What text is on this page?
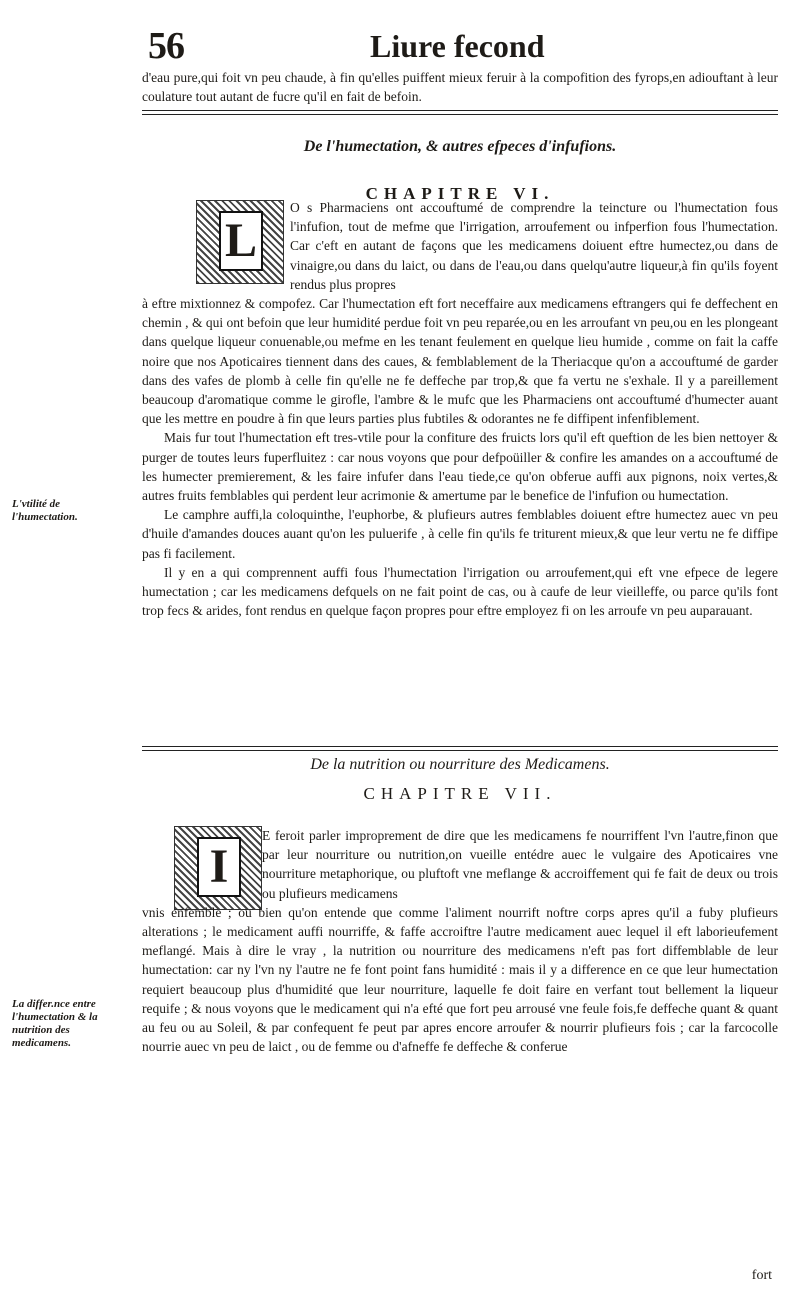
56	Liure fecond
d'eau pure,qui foit vn peu chaude, à fin qu'elles puiffent mieux feruir à la compofition des fyrops,en adiouftant à leur coulature tout autant de fucre qu'il en fait de befoin.
De l'humectation, & autres efpeces d'infufions.
CHAPITRE VI.
L

O s Pharmaciens ont accouftumé de comprendre la teincture ou l'humectation fous l'infufion, tout de mefme que l'irrigation, arroufement ou infperfion fous l'humectation. Car c'eft en autant de façons que les medicamens doiuent eftre humectez,ou dans de vinaigre,ou dans du laict, ou dans de l'eau,ou dans quelqu'autre liqueur,à fin qu'ils foyent rendus plus propres

à eftre mixtionnez & compofez. Car l'humectation eft fort neceffaire aux medicamens eftrangers qui fe deffechent en chemin , & qui ont befoin que leur humidité perdue foit vn peu reparée,ou en les arroufant vn peu,ou en les plongeant dans quelque liqueur conuenable,ou mefme en les tenant feulement en quelque lieu humide , comme on fait la caffe noire que nos Apoticaires tiennent dans des caues, & femblablement de la Theriacque qu'on a accouftumé de garder dans des vafes de plomb à celle fin qu'elle ne fe deffeche par trop,& que fa vertu ne s'exhale. Il y a pareillement beaucoup d'aromatique comme le girofle, l'ambre & le mufc que les Pharmaciens ont accouftumé d'humecter auant que les mettre en poudre à fin que leurs parties plus fubtiles & odorantes ne fe diffipent infenfiblement.

Mais fur tout l'humectation eft tres-vtile pour la confiture des fruicts lors qu'il eft queftion de les bien nettoyer & purger de toutes leurs fuperfluitez : car nous voyons que pour defpoüiller & confire les amandes on a accouftumé de les humecter premierement, & les faire infufer dans l'eau tiede,ce qu'on obferue auffi aux pignons, noix vertes,& autres fruits femblables qui perdent leur acrimonie & amertume par le benefice de l'infufion ou humectation.

Le camphre auffi,la coloquinthe, l'euphorbe, & plufieurs autres femblables doiuent eftre humectez auec vn peu d'huile d'amandes douces auant qu'on les puluerife , à celle fin qu'ils fe triturent mieux,& que leur vertu ne fe diffipe pas fi facilement.

Il y en a qui comprennent auffi fous l'humectation l'irrigation ou arroufement,qui eft vne efpece de legere humectation ; car les medicamens defquels on ne fait point de cas, ou à caufe de leur vieilleffe, ou parce qu'ils font trop fecs & arides, font rendus en quelque façon propres pour eftre employez fi on les arroufe vn peu auparauant.

L'vtilité de l'humectation.
De la nutrition ou nourriture des Medicamens.
CHAPITRE VII.
I

E feroit parler improprement de dire que les medicamens fe nourriffent l'vn l'autre,finon que par leur nourriture ou nutrition,on vueille entédre auec le vulgaire des Apoticaires vne nourriture metaphorique, ou pluftoft vne meflange & accroiffement qui fe fait de deux ou trois ou plufieurs medicamens

vnis enfemble ; ou bien qu'on entende que comme l'aliment nourrift noftre corps apres qu'il a fuby plufieurs alterations ; le medicament auffi nourriffe, & faffe accroiftre l'autre medicament auec lequel il eft laborieufement meflangé. Mais à dire le vray , la nutrition ou nourriture des medicamens n'eft pas fort diffemblable de leur humectation: car ny l'vn ny l'autre ne fe font point fans humidité : mais il y a difference en ce que leur humectation requiert beaucoup plus d'humidité que leur nourriture, laquelle fe doit faire en verfant tout bellement la liqueur requife ; & nous voyons que le medicament qui n'a efté que fort peu arrousé vne feule fois,fe deffeche quant & quant au feu ou au Soleil, & par confequent fe peut par apres encore arroufer & nourrir plufieurs fois ; car la farcocolle nourrie auec vn peu de laict , ou de femme ou d'afneffe fe deffeche & conferue

La differ.nce entre l'humectation & la nutrition des medicamens.
fort
